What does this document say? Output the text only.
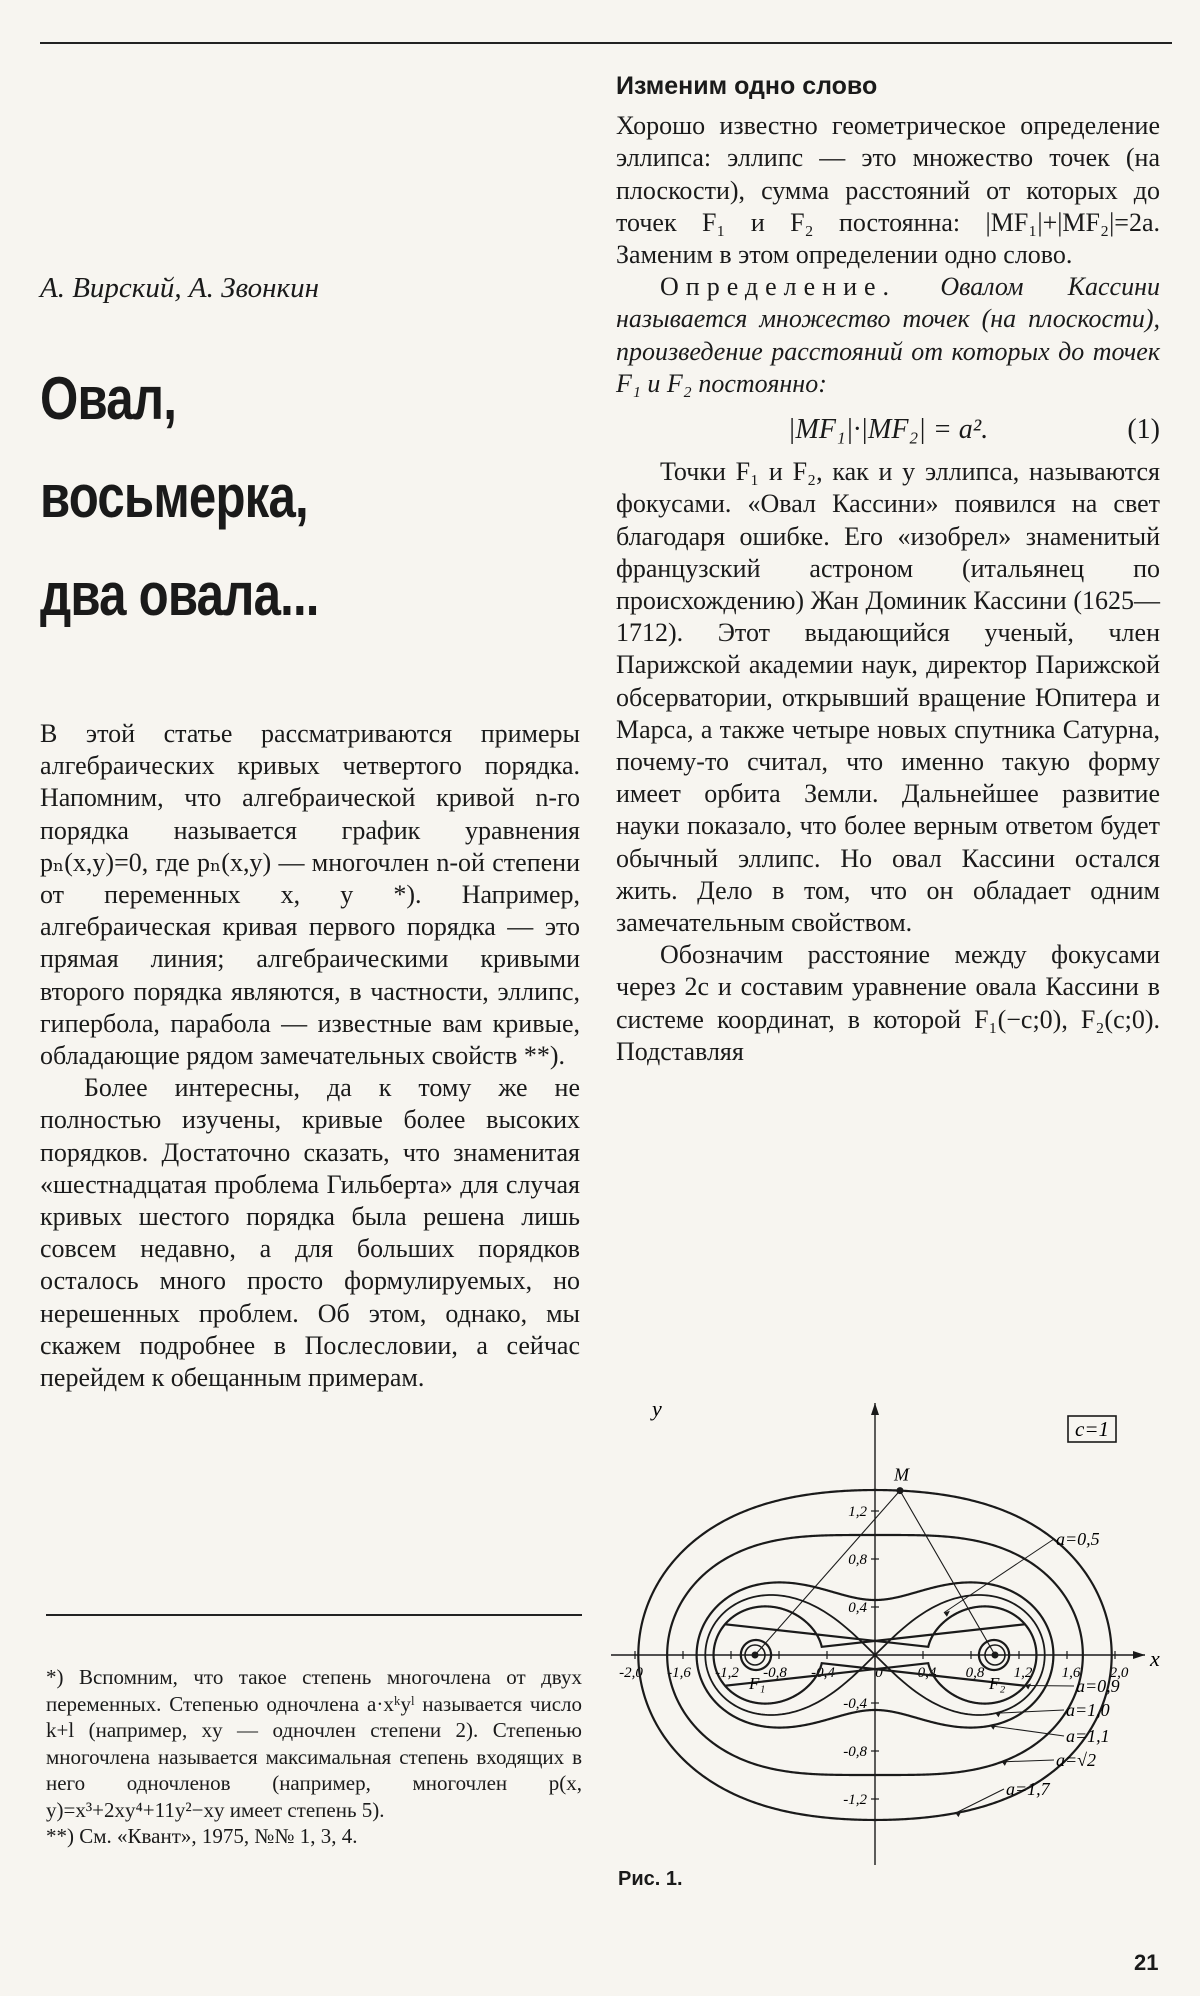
А. Вирский, А. Звонкин
Овал,
восьмерка,
два овала...

В этой статье рассматриваются примеры алгебраических кривых четвертого порядка. Напомним, что алгебраической кривой n-го порядка называется график уравнения pₙ(x,y)=0, где pₙ(x,y) — многочлен n-ой степени от переменных x, y *). Например, алгебраическая кривая первого порядка — это прямая линия; алгебраическими кривыми второго порядка являются, в частности, эллипс, гипербола, парабола — известные вам кривые, обладающие рядом замечательных свойств **).

Более интересны, да к тому же не полностью изучены, кривые более высоких порядков. Достаточно сказать, что знаменитая «шестнадцатая проблема Гильберта» для случая кривых шестого порядка была решена лишь совсем недавно, а для больших порядков осталось много просто формулируемых, но нерешенных проблем. Об этом, однако, мы скажем подробнее в Послесловии, а сейчас перейдем к обещанным примерам.

*) Вспомним, что такое степень многочлена от двух переменных. Степенью одночлена a·xᵏyˡ называется число k+l (например, xy — одночлен степени 2). Степенью многочлена называется максимальная степень входящих в него одночленов (например, многочлен p(x, y)=x³+2xy⁴+11y²−xy имеет степень 5).

**) См. «Квант», 1975, №№ 1, 3, 4.

Изменим одно слово

Хорошо известно геометрическое определение эллипса: эллипс — это множество точек (на плоскости), сумма расстояний от которых до точек F₁ и F₂ постоянна: |MF₁|+|MF₂|=2a. Заменим в этом определении одно слово.

Определение. Овалом Кассини называется множество точек (на плоскости), произведение расстояний от которых до точек F₁ и F₂ постоянно:

|MF₁|·|MF₂| = a².	(1)

Точки F₁ и F₂, как и у эллипса, называются фокусами. «Овал Кассини» появился на свет благодаря ошибке. Его «изобрел» знаменитый французский астроном (итальянец по происхождению) Жан Доминик Кассини (1625—1712). Этот выдающийся ученый, член Парижской академии наук, директор Парижской обсерватории, открывший вращение Юпитера и Марса, а также четыре новых спутника Сатурна, почему-то считал, что именно такую форму имеет орбита Земли. Дальнейшее развитие науки показало, что более верным ответом будет обычный эллипс. Но овал Кассини остался жить. Дело в том, что он обладает одним замечательным свойством.

Обозначим расстояние между фокусами через 2c и составим уравнение овала Кассини в системе координат, в которой F₁(−c;0), F₂(c;0). Подставляя

c=1
x
y
-2,0 -1,6 -1,2 -0,8 -0,4	0 0,4 0,8 1,2 1,6 2,0
1,2
0,8
0,4
-0,4
-0,8
-1,2
F₁	F₂
M
a=0,5
a=0,9
a=1,0
a=1,1
a=√2
a=1,7
Рис. 1.
21
